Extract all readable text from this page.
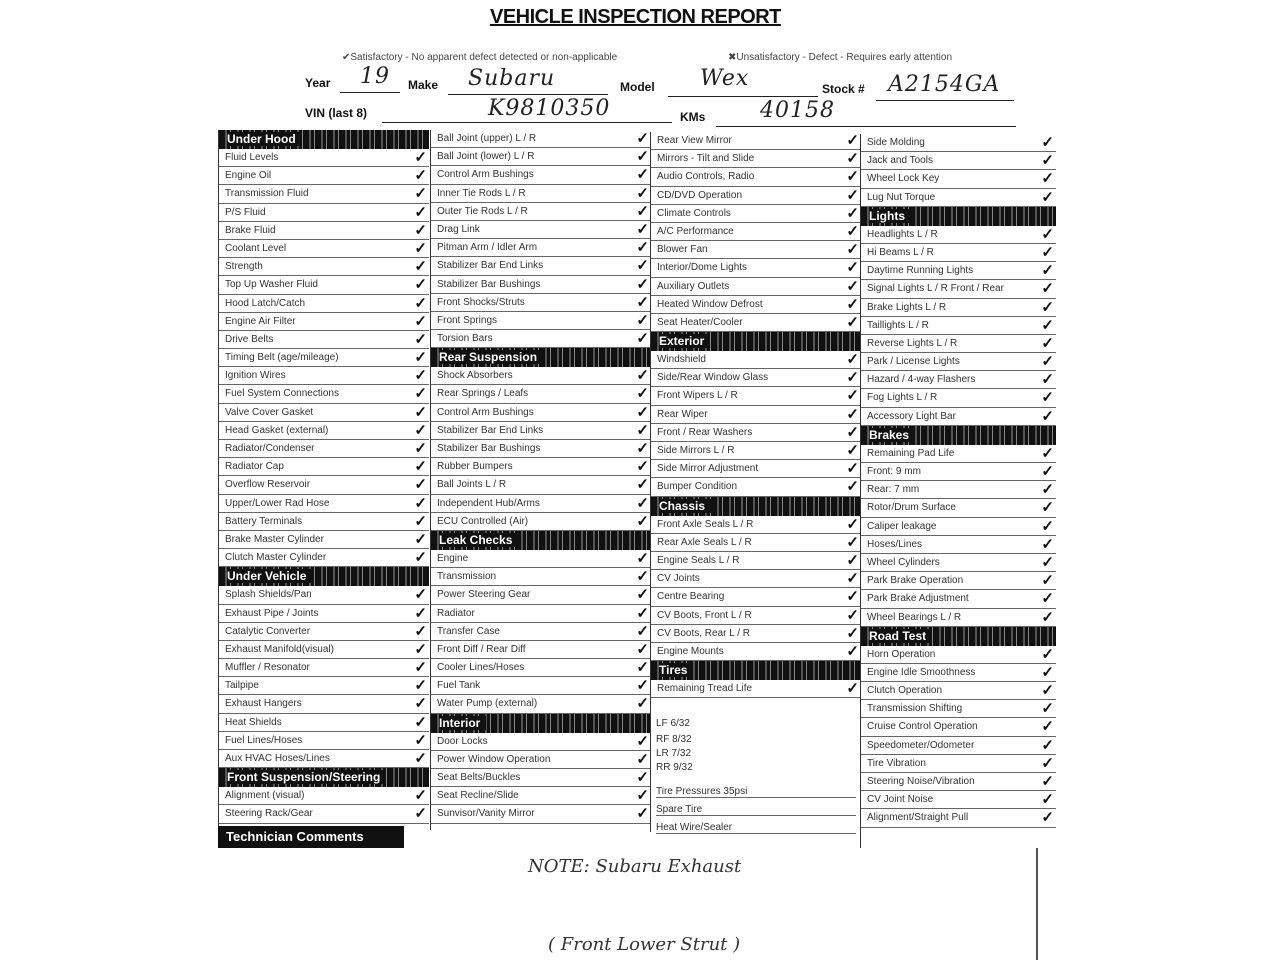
VEHICLE INSPECTION REPORT
✔Satisfactory - No apparent defect detected or non-applicable	✖Unsatisfactory - Defect - Requires early attention
Year 19 Make Subaru	Model Wex	Stock # A2154GA
VIN (last 8)	K9810350	KMs 40158
Under Hood
Fluid Levels	✓
Engine Oil	✓
Transmission Fluid	✓
P/S Fluid	✓
Brake Fluid	✓
Coolant Level	✓
Strength	✓
Top Up Washer Fluid	✓
Hood Latch/Catch	✓
Engine Air Filter	✓
Drive Belts	✓
Timing Belt (age/mileage)	✓
Ignition Wires	✓
Fuel System Connections	✓
Valve Cover Gasket	✓
Head Gasket (external)	✓
Radiator/Condenser	✓
Radiator Cap	✓
Overflow Reservoir	✓
Upper/Lower Rad Hose	✓
Battery Terminals	✓
Brake Master Cylinder	✓
Clutch Master Cylinder	✓
Under Vehicle
Splash Shields/Pan	✓
Exhaust Pipe / Joints	✓
Catalytic Converter	✓
Exhaust Manifold(visual)	✓
Muffler / Resonator	✓
Tailpipe	✓
Exhaust Hangers	✓
Heat Shields	✓
Fuel Lines/Hoses	✓
Aux HVAC Hoses/Lines	✓
Front Suspension/Steering
Alignment (visual)	✓
Steering Rack/Gear	✓
Ball Joint (upper) L / R	✓
Ball Joint (lower) L / R	✓
Control Arm Bushings	✓
Inner Tie Rods L / R	✓
Outer Tie Rods L / R	✓
Drag Link	✓
Pitman Arm / Idler Arm	✓
Stabilizer Bar End Links	✓
Stabilizer Bar Bushings	✓
Front Shocks/Struts	✓
Front Springs	✓
Torsion Bars	✓
Rear Suspension
Shock Absorbers	✓
Rear Springs / Leafs	✓
Control Arm Bushings	✓
Stabilizer Bar End Links	✓
Stabilizer Bar Bushings	✓
Rubber Bumpers	✓
Ball Joints L / R	✓
Independent Hub/Arms	✓
ECU Controlled (Air)	✓
Leak Checks
Engine	✓
Transmission	✓
Power Steering Gear	✓
Radiator	✓
Transfer Case	✓
Front Diff / Rear Diff	✓
Cooler Lines/Hoses	✓
Fuel Tank	✓
Water Pump (external)	✓
Interior
Door Locks	✓
Power Window Operation	✓
Seat Belts/Buckles	✓
Seat Recline/Slide	✓
Sunvisor/Vanity Mirror	✓
Rear View Mirror	✓
Mirrors - Tilt and Slide	✓
Audio Controls, Radio	✓
CD/DVD Operation	✓
Climate Controls	✓
A/C Performance	✓
Blower Fan	✓
Interior/Dome Lights	✓
Auxiliary Outlets	✓
Heated Window Defrost	✓
Seat Heater/Cooler	✓
Exterior
Windshield	✓
Side/Rear Window Glass	✓
Front Wipers L / R	✓
Rear Wiper	✓
Front / Rear Washers	✓
Side Mirrors L / R	✓
Side Mirror Adjustment	✓
Bumper Condition	✓
Chassis
Front Axle Seals L / R	✓
Rear Axle Seals L / R	✓
Engine Seals L / R	✓
CV Joints	✓
Centre Bearing	✓
CV Boots, Front L / R	✓
CV Boots, Rear L / R	✓
Engine Mounts	✓
Tires
Remaining Tread Life	✓
Side Molding	✓
Jack and Tools	✓
Wheel Lock Key	✓
Lug Nut Torque	✓
Lights
Headlights L / R	✓
Hi Beams L / R	✓
Daytime Running Lights	✓
Signal Lights L / R Front / Rear	✓
Brake Lights L / R	✓
Taillights L / R	✓
Reverse Lights L / R	✓
Park / License Lights	✓
Hazard / 4-way Flashers	✓
Fog Lights L / R	✓
Accessory Light Bar	✓
Brakes
Remaining Pad Life	✓
Front: 9 mm	✓
Rear: 7 mm	✓
Rotor/Drum Surface	✓
Caliper leakage	✓
Hoses/Lines	✓
Wheel Cylinders	✓
Park Brake Operation	✓
Park Brake Adjustment	✓
Wheel Bearings L / R	✓
Road Test
Horn Operation	✓
Engine Idle Smoothness	✓
Clutch Operation	✓
Transmission Shifting	✓
Cruise Control Operation	✓
Speedometer/Odometer	✓
Tire Vibration	✓
Steering Noise/Vibration	✓
CV Joint Noise	✓
Alignment/Straight Pull	✓
LF 6/32
RF 8/32
LR 7/32
RR 9/32
Tire Pressures 35psi
Spare Tire
Heat Wire/Sealer
Technician Comments
NOTE: Subaru Exhaust
( Front Lower Strut )
